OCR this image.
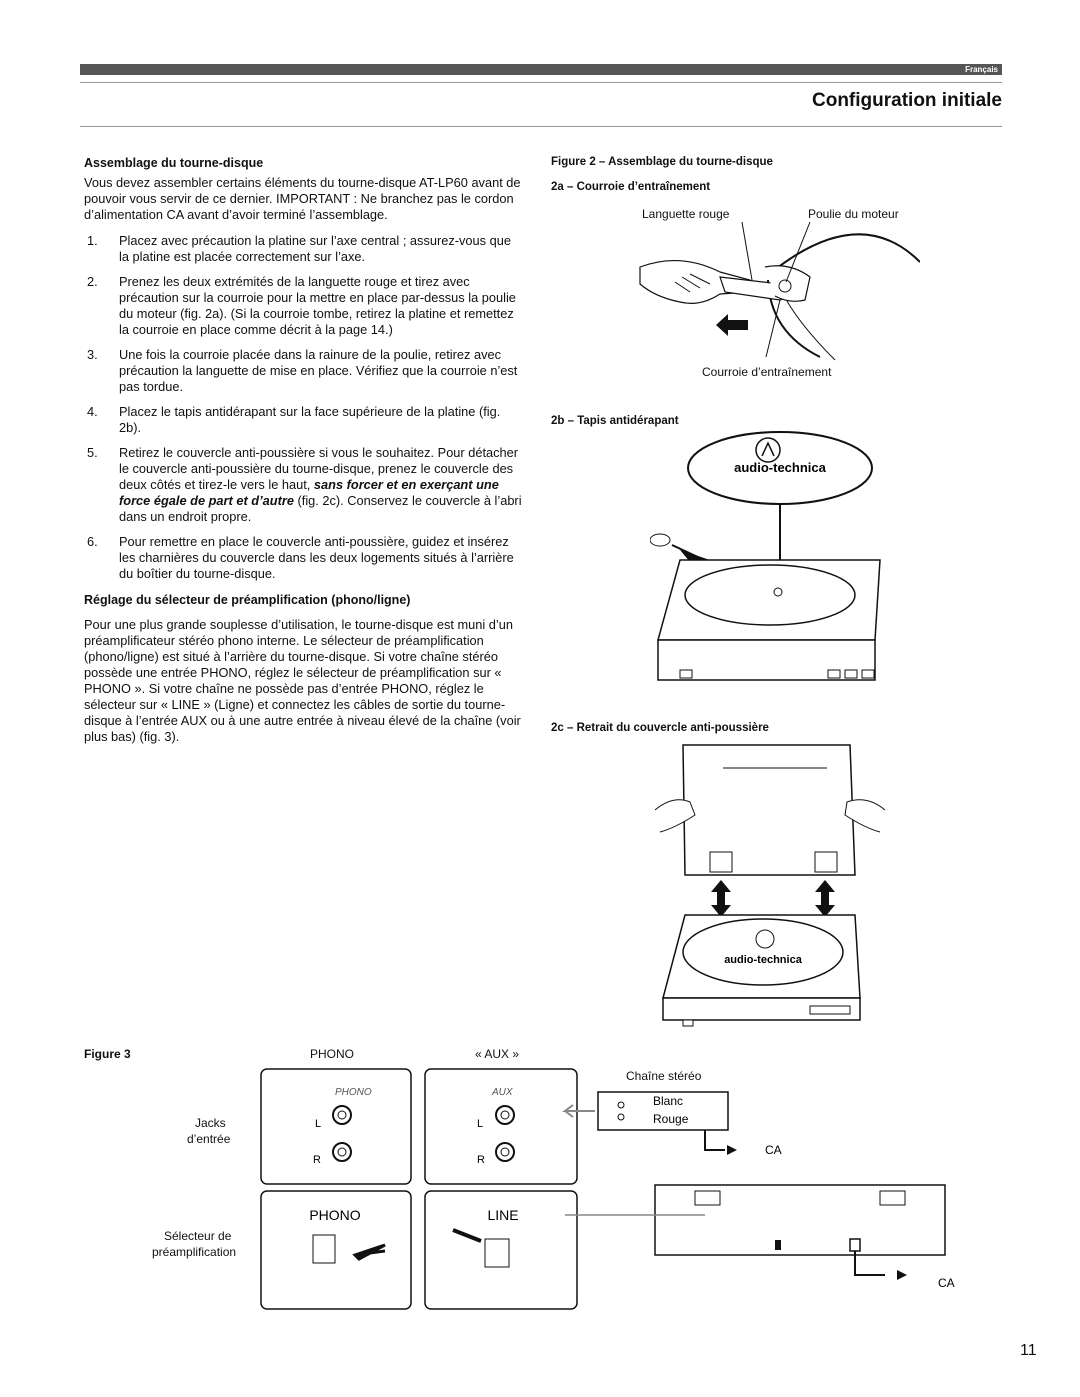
Français
Configuration initiale
Assemblage du tourne-disque

Vous devez assembler certains éléments du tourne-disque AT-LP60 avant de pouvoir vous servir de ce dernier. IMPORTANT : Ne branchez pas le cordon d’alimentation CA avant d’avoir terminé l’assemblage.

1. Placez avec précaution la platine sur l’axe central ; assurez-vous que la platine est placée correctement sur l’axe.
2. Prenez les deux extrémités de la languette rouge et tirez avec précaution sur la courroie pour la mettre en place par-dessus la poulie du moteur (fig. 2a). (Si la courroie tombe, retirez la platine et remettez la courroie en place comme décrit à la page 14.)
3. Une fois la courroie placée dans la rainure de la poulie, retirez avec précaution la languette de mise en place. Vérifiez que la courroie n’est pas tordue.
4. Placez le tapis antidérapant sur la face supérieure de la platine (fig. 2b).
5. Retirez le couvercle anti-poussière si vous le souhaitez. Pour détacher le couvercle anti-poussière du tourne-disque, prenez le couvercle des deux côtés et tirez-le vers le haut, sans forcer et en exerçant une force égale de part et d’autre (fig. 2c). Conservez le couvercle à l’abri dans un endroit propre.
6. Pour remettre en place le couvercle anti-poussière, guidez et insérez les charnières du couvercle dans les deux logements situés à l’arrière du boîtier du tourne-disque.
Réglage du sélecteur de préamplification (phono/ligne)

Pour une plus grande souplesse d’utilisation, le tourne-disque est muni d’un préamplificateur stéréo phono interne. Le sélecteur de préamplification (phono/ligne) est situé à l’arrière du tourne-disque. Si votre chaîne stéréo possède une entrée PHONO, réglez le sélecteur de préamplification sur « PHONO ». Si votre chaîne ne possède pas d’entrée PHONO, réglez le sélecteur sur « LINE » (Ligne) et connectez les câbles de sortie du tourne-disque à l’entrée AUX ou à une autre entrée à niveau élevé de la chaîne (voir plus bas) (fig. 3).

Figure 2 – Assemblage du tourne-disque
2a – Courroie d’entraînement
Languette rouge	Poulie du moteur
Courroie d’entraînement
2b – Tapis antidérapant
2c – Retrait du couvercle anti-poussière
audio-technica
audio-technica
Figure 3	PHONO	« AUX »
Chaîne stéréo
Jacks
d’entrée
Sélecteur de
préamplification
PHONO
L
R
AUX
L
R
PHONO	LINE
Blanc
Rouge
CA
CA
11
